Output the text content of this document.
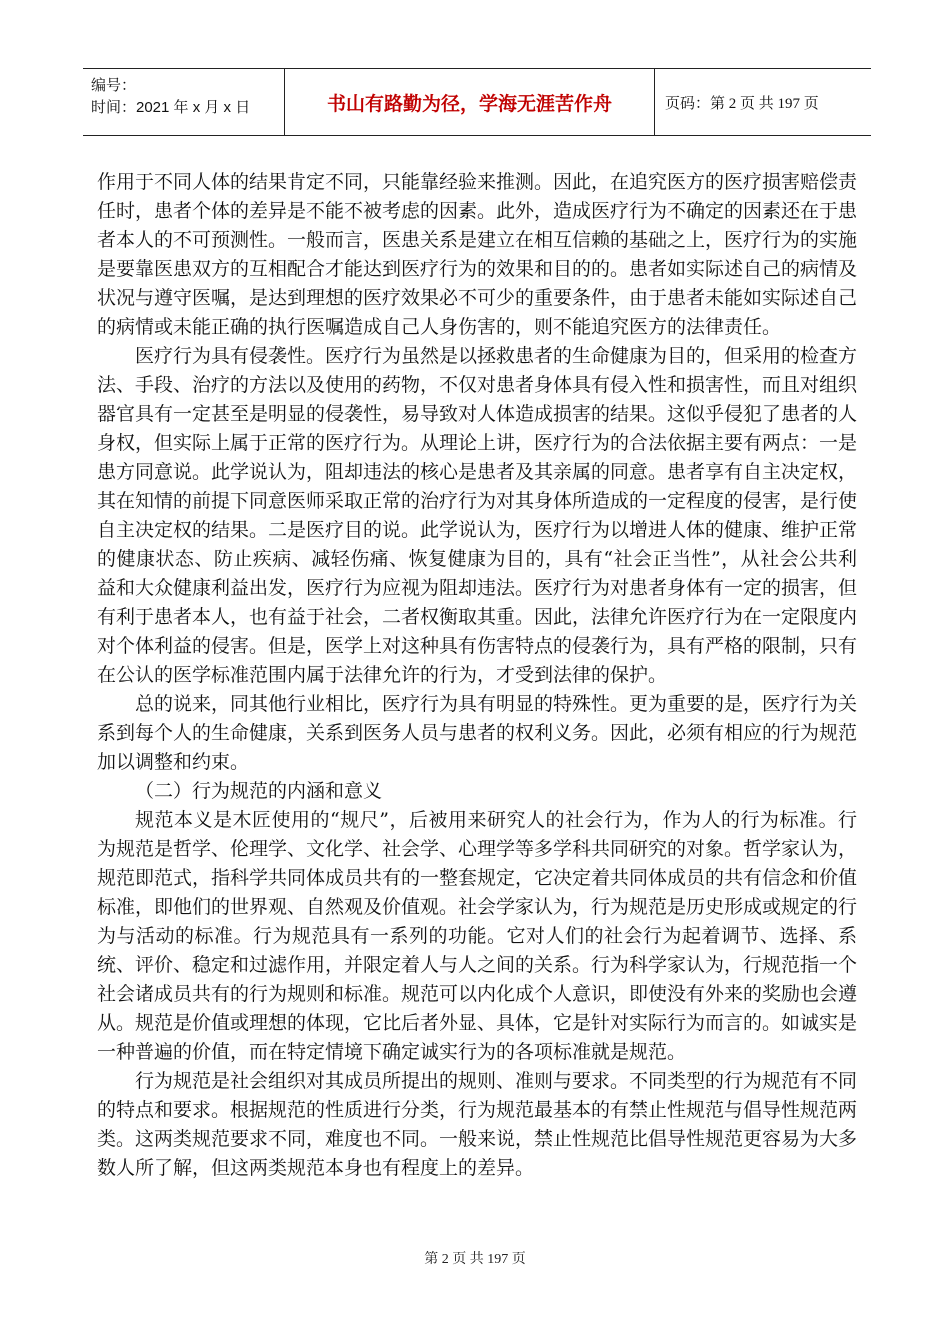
编号：
时间：2021 年 x 月 x 日	书山有路勤为径，学海无涯苦作舟	页码：第 2 页 共 197 页

作用于不同人体的结果肯定不同，只能靠经验来推测。因此，在追究医方的医疗损害赔偿责任时，患者个体的差异是不能不被考虑的因素。此外，造成医疗行为不确定的因素还在于患者本人的不可预测性。一般而言，医患关系是建立在相互信赖的基础之上，医疗行为的实施是要靠医患双方的互相配合才能达到医疗行为的效果和目的的。患者如实际述自己的病情及状况与遵守医嘱，是达到理想的医疗效果必不可少的重要条件，由于患者未能如实际述自己的病情或未能正确的执行医嘱造成自己人身伤害的，则不能追究医方的法律责任。

医疗行为具有侵袭性。医疗行为虽然是以拯救患者的生命健康为目的，但采用的检查方法、手段、治疗的方法以及使用的药物，不仅对患者身体具有侵入性和损害性，而且对组织器官具有一定甚至是明显的侵袭性，易导致对人体造成损害的结果。这似乎侵犯了患者的人身权，但实际上属于正常的医疗行为。从理论上讲，医疗行为的合法依据主要有两点：一是患方同意说。此学说认为，阻却违法的核心是患者及其亲属的同意。患者享有自主决定权，其在知情的前提下同意医师采取正常的治疗行为对其身体所造成的一定程度的侵害，是行使自主决定权的结果。二是医疗目的说。此学说认为，医疗行为以增进人体的健康、维护正常的健康状态、防止疾病、减轻伤痛、恢复健康为目的，具有“社会正当性”，从社会公共利益和大众健康利益出发，医疗行为应视为阻却违法。医疗行为对患者身体有一定的损害，但有利于患者本人，也有益于社会，二者权衡取其重。因此，法律允许医疗行为在一定限度内对个体利益的侵害。但是，医学上对这种具有伤害特点的侵袭行为，具有严格的限制，只有在公认的医学标准范围内属于法律允许的行为，才受到法律的保护。

总的说来，同其他行业相比，医疗行为具有明显的特殊性。更为重要的是，医疗行为关系到每个人的生命健康，关系到医务人员与患者的权利义务。因此，必须有相应的行为规范加以调整和约束。

（二）行为规范的内涵和意义

规范本义是木匠使用的“规尺”，后被用来研究人的社会行为，作为人的行为标准。行为规范是哲学、伦理学、文化学、社会学、心理学等多学科共同研究的对象。哲学家认为，规范即范式，指科学共同体成员共有的一整套规定，它决定着共同体成员的共有信念和价值标准，即他们的世界观、自然观及价值观。社会学家认为，行为规范是历史形成或规定的行为与活动的标准。行为规范具有一系列的功能。它对人们的社会行为起着调节、选择、系统、评价、稳定和过滤作用，并限定着人与人之间的关系。行为科学家认为，行规范指一个社会诸成员共有的行为规则和标准。规范可以内化成个人意识，即使没有外来的奖励也会遵从。规范是价值或理想的体现，它比后者外显、具体，它是针对实际行为而言的。如诚实是一种普遍的价值，而在特定情境下确定诚实行为的各项标准就是规范。

行为规范是社会组织对其成员所提出的规则、准则与要求。不同类型的行为规范有不同的特点和要求。根据规范的性质进行分类，行为规范最基本的有禁止性规范与倡导性规范两类。这两类规范要求不同，难度也不同。一般来说，禁止性规范比倡导性规范更容易为大多数人所了解，但这两类规范本身也有程度上的差异。

第 2 页 共 197 页
